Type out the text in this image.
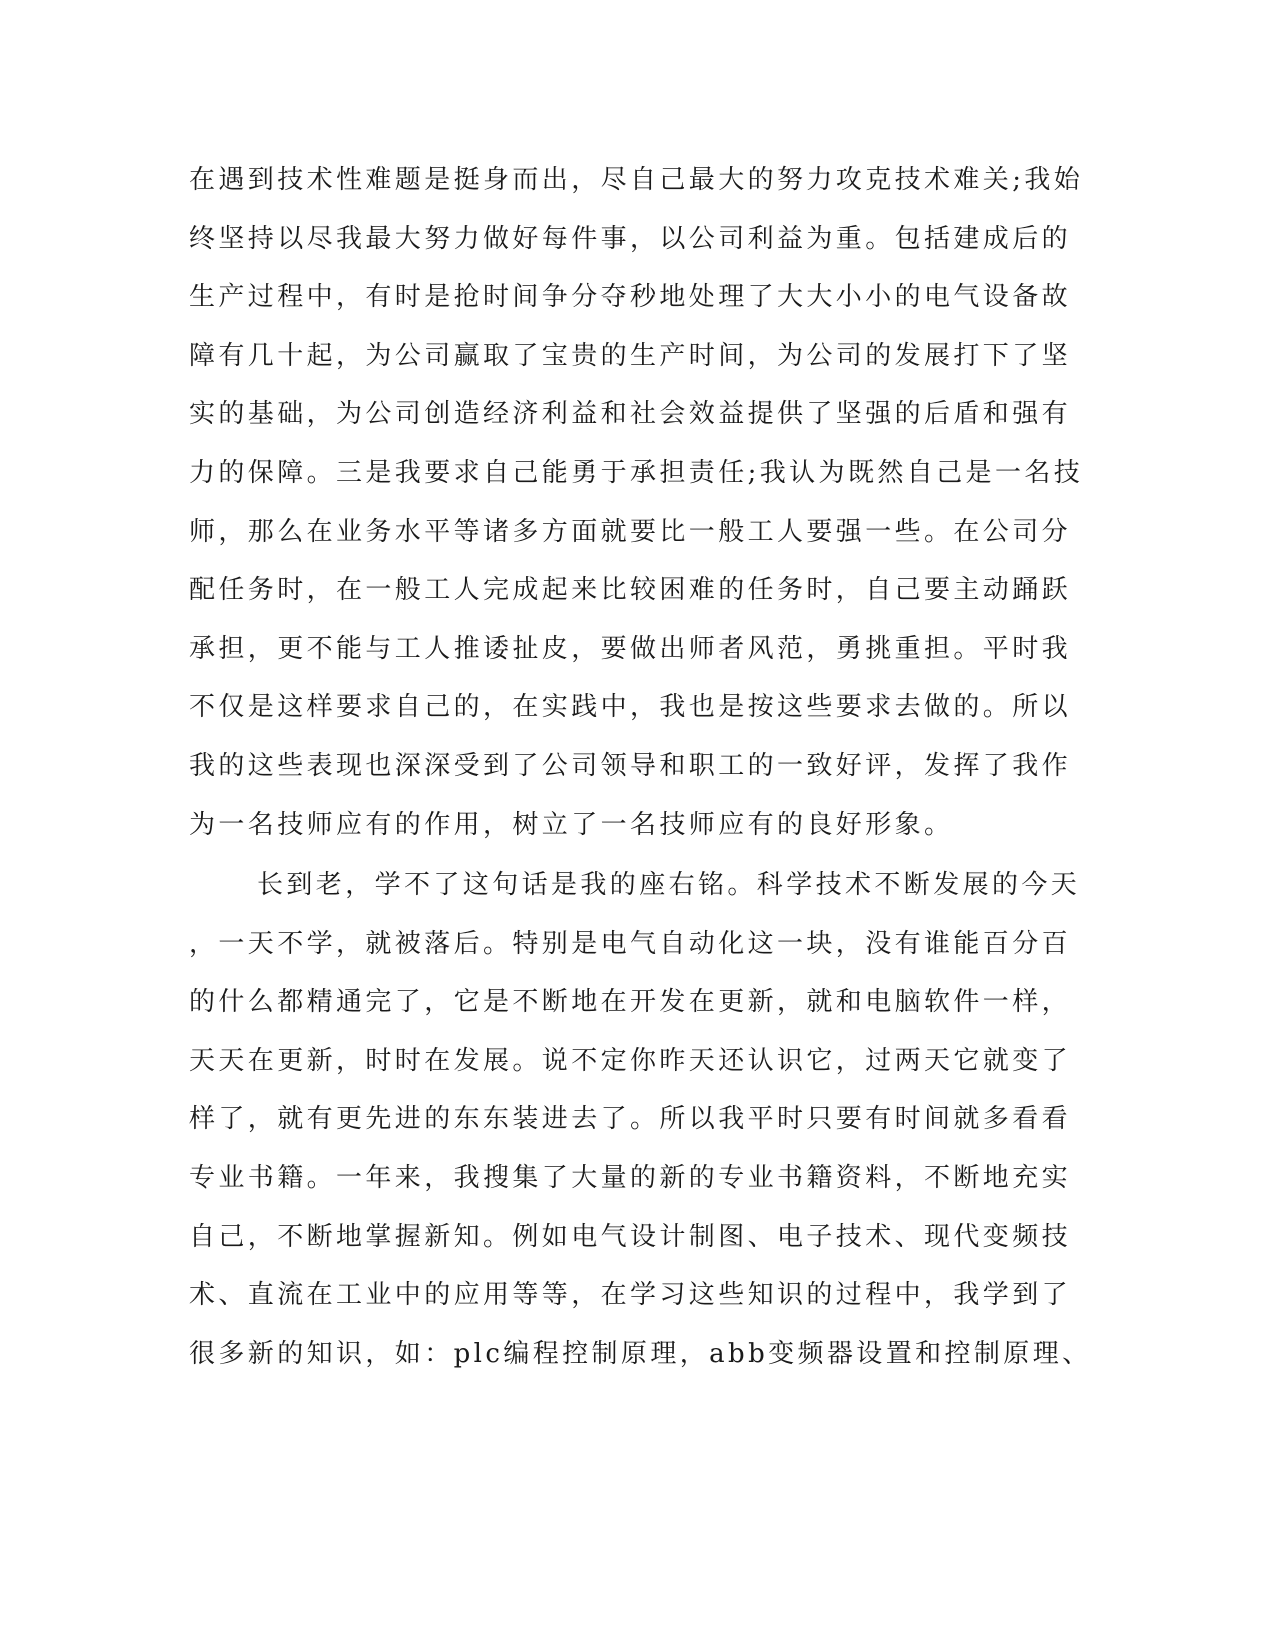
在遇到技术性难题是挺身而出，尽自己最大的努力攻克技术难关;我始
终坚持以尽我最大努力做好每件事，以公司利益为重。包括建成后的
生产过程中，有时是抢时间争分夺秒地处理了大大小小的电气设备故
障有几十起，为公司赢取了宝贵的生产时间，为公司的发展打下了坚
实的基础，为公司创造经济利益和社会效益提供了坚强的后盾和强有
力的保障。三是我要求自己能勇于承担责任;我认为既然自己是一名技
师，那么在业务水平等诸多方面就要比一般工人要强一些。在公司分
配任务时，在一般工人完成起来比较困难的任务时，自己要主动踊跃
承担，更不能与工人推诿扯皮，要做出师者风范，勇挑重担。平时我
不仅是这样要求自己的，在实践中，我也是按这些要求去做的。所以
我的这些表现也深深受到了公司领导和职工的一致好评，发挥了我作
为一名技师应有的作用，树立了一名技师应有的良好形象。
长到老，学不了这句话是我的座右铭。科学技术不断发展的今天
，一天不学，就被落后。特别是电气自动化这一块，没有谁能百分百
的什么都精通完了，它是不断地在开发在更新，就和电脑软件一样，
天天在更新，时时在发展。说不定你昨天还认识它，过两天它就变了
样了，就有更先进的东东装进去了。所以我平时只要有时间就多看看
专业书籍。一年来，我搜集了大量的新的专业书籍资料，不断地充实
自己，不断地掌握新知。例如电气设计制图、电子技术、现代变频技
术、直流在工业中的应用等等，在学习这些知识的过程中，我学到了
很多新的知识，如：plc编程控制原理，abb变频器设置和控制原理、
